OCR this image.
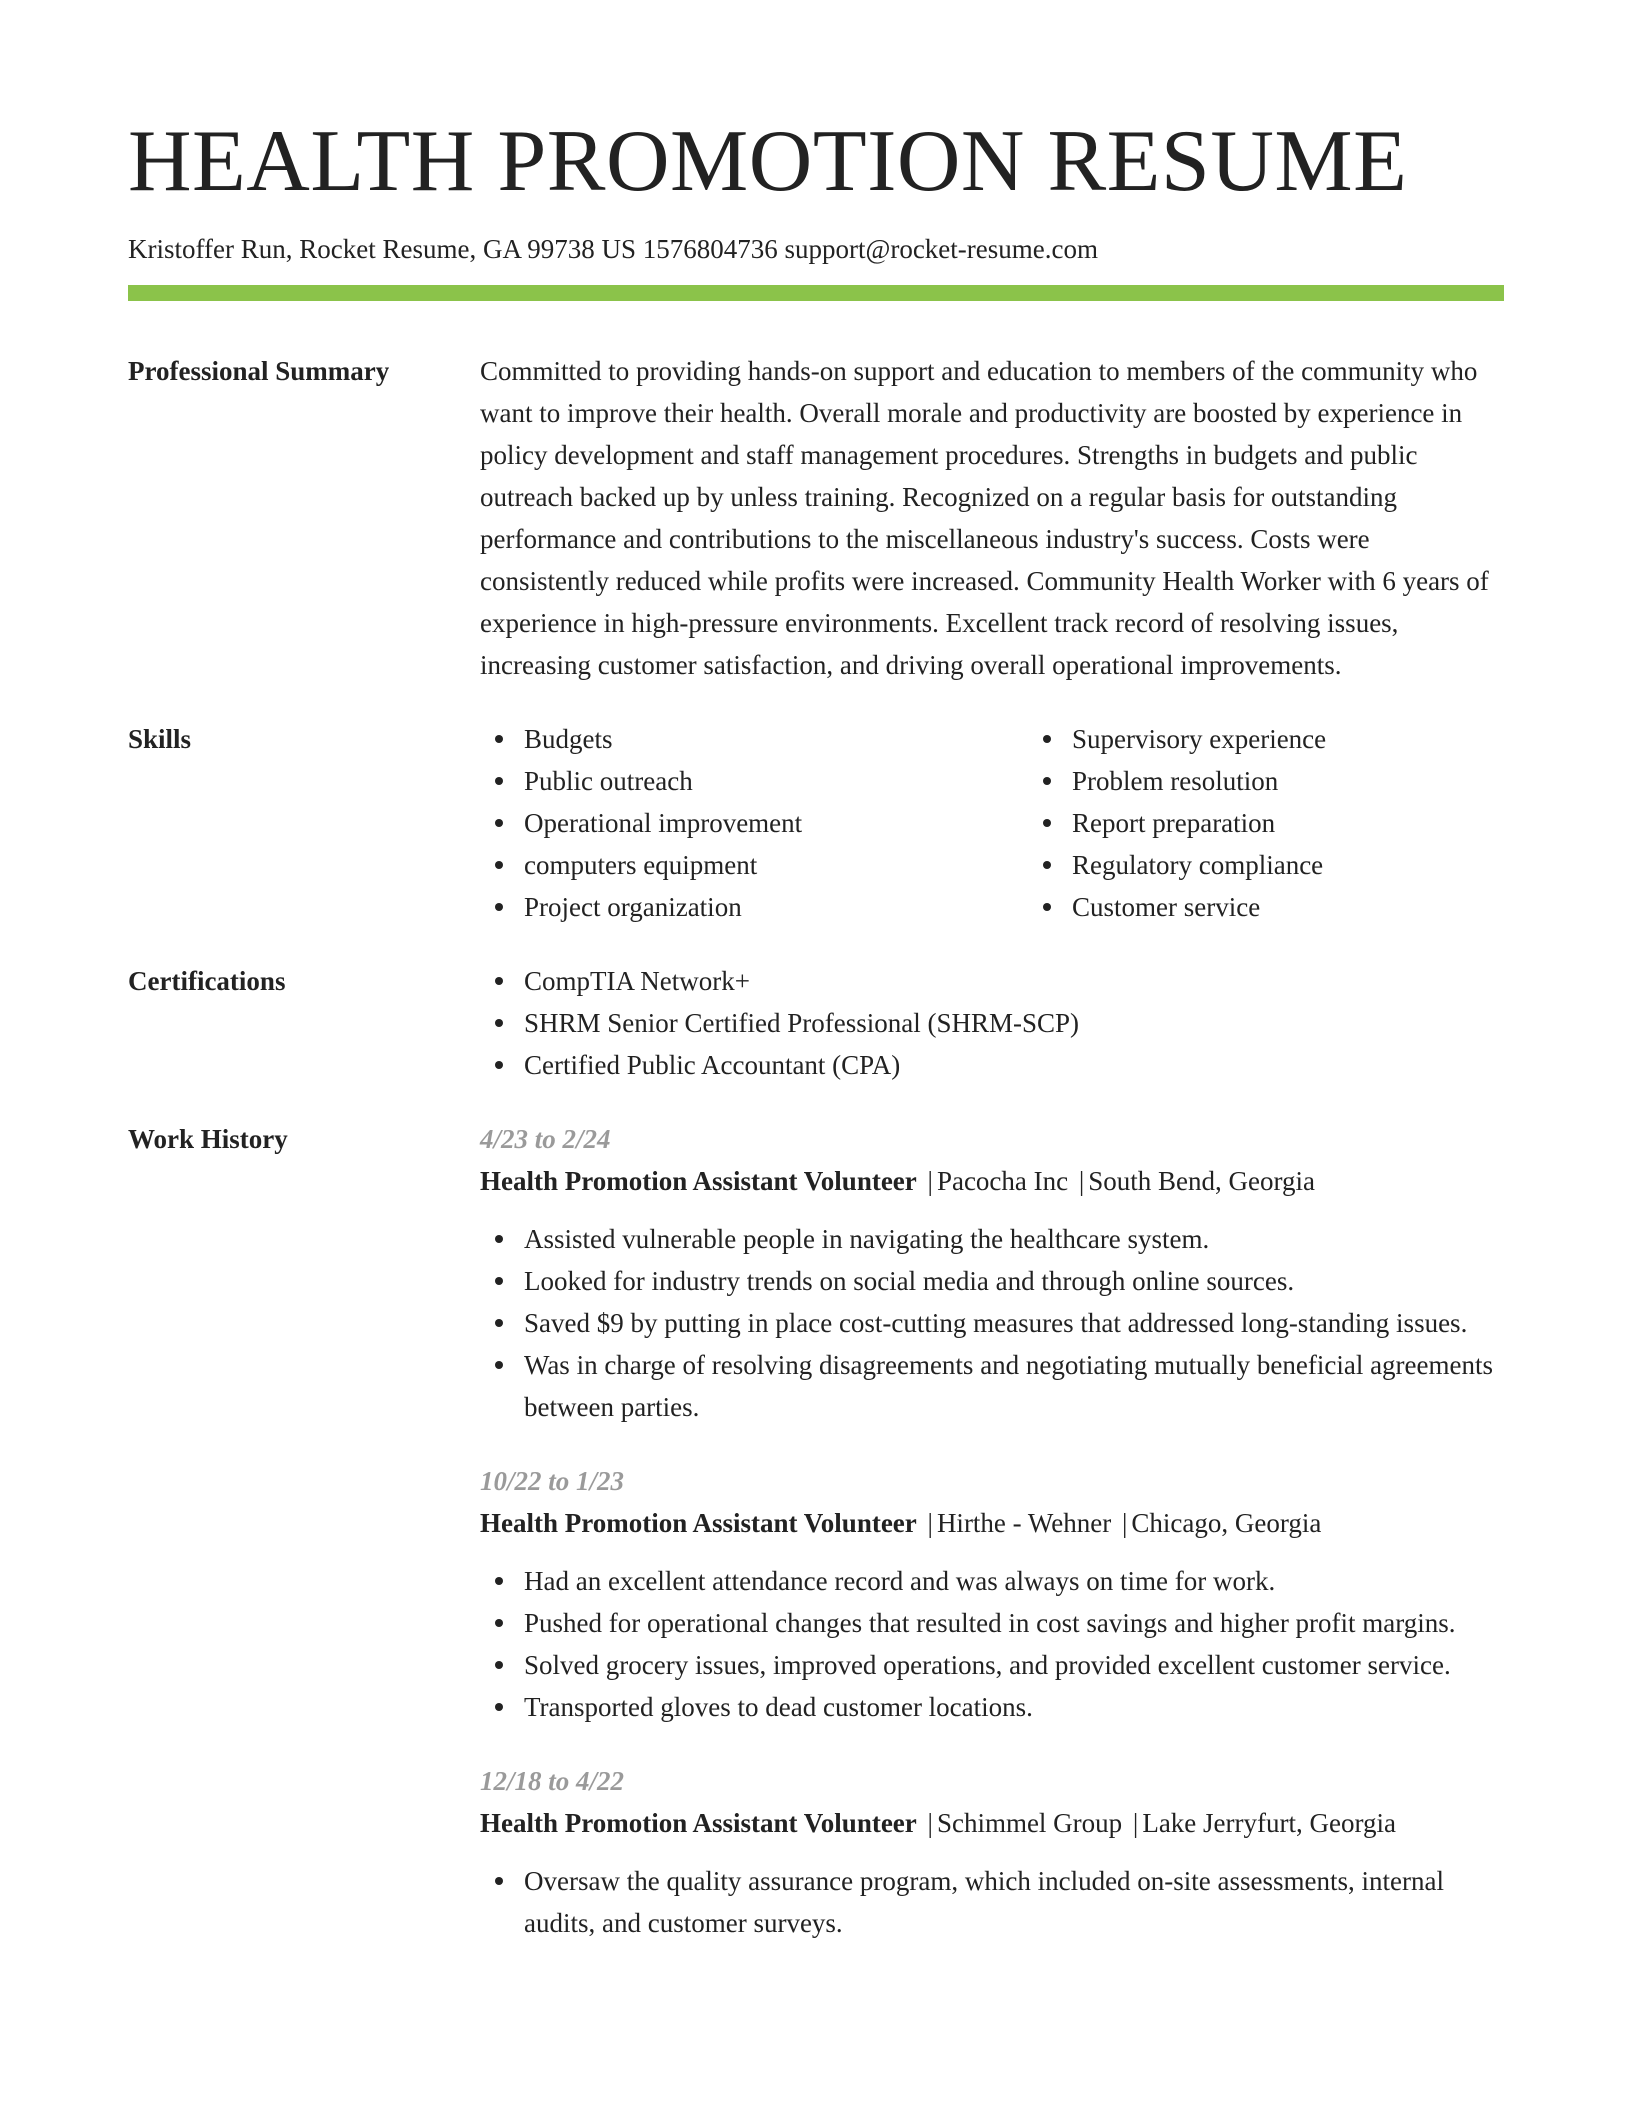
HEALTH PROMOTION RESUME
Kristoffer Run, Rocket Resume, GA 99738 US 1576804736 support@rocket-resume.com
Professional Summary	Committed to providing hands-on support and education to members of the community who want to improve their health. Overall morale and productivity are boosted by experience in policy development and staff management procedures. Strengths in budgets and public outreach backed up by unless training. Recognized on a regular basis for outstanding performance and contributions to the miscellaneous industry's success. Costs were consistently reduced while profits were increased. Community Health Worker with 6 years of experience in high-pressure environments. Excellent track record of resolving issues, increasing customer satisfaction, and driving overall operational improvements.
Skills	Budgets
Public outreach
Operational improvement
computers equipment
Project organization
Supervisory experience
Problem resolution
Report preparation
Regulatory compliance
Customer service
Certifications	CompTIA Network+
SHRM Senior Certified Professional (SHRM-SCP)
Certified Public Accountant (CPA)
Work History	4/23 to 2/24
Health Promotion Assistant Volunteer | Pacocha Inc | South Bend, Georgia
Assisted vulnerable people in navigating the healthcare system.
Looked for industry trends on social media and through online sources.
Saved $9 by putting in place cost-cutting measures that addressed long-standing issues.
Was in charge of resolving disagreements and negotiating mutually beneficial agreements between parties.
10/22 to 1/23
Health Promotion Assistant Volunteer | Hirthe - Wehner | Chicago, Georgia
Had an excellent attendance record and was always on time for work.
Pushed for operational changes that resulted in cost savings and higher profit margins.
Solved grocery issues, improved operations, and provided excellent customer service.
Transported gloves to dead customer locations.
12/18 to 4/22
Health Promotion Assistant Volunteer | Schimmel Group | Lake Jerryfurt, Georgia
Oversaw the quality assurance program, which included on-site assessments, internal audits, and customer surveys.
